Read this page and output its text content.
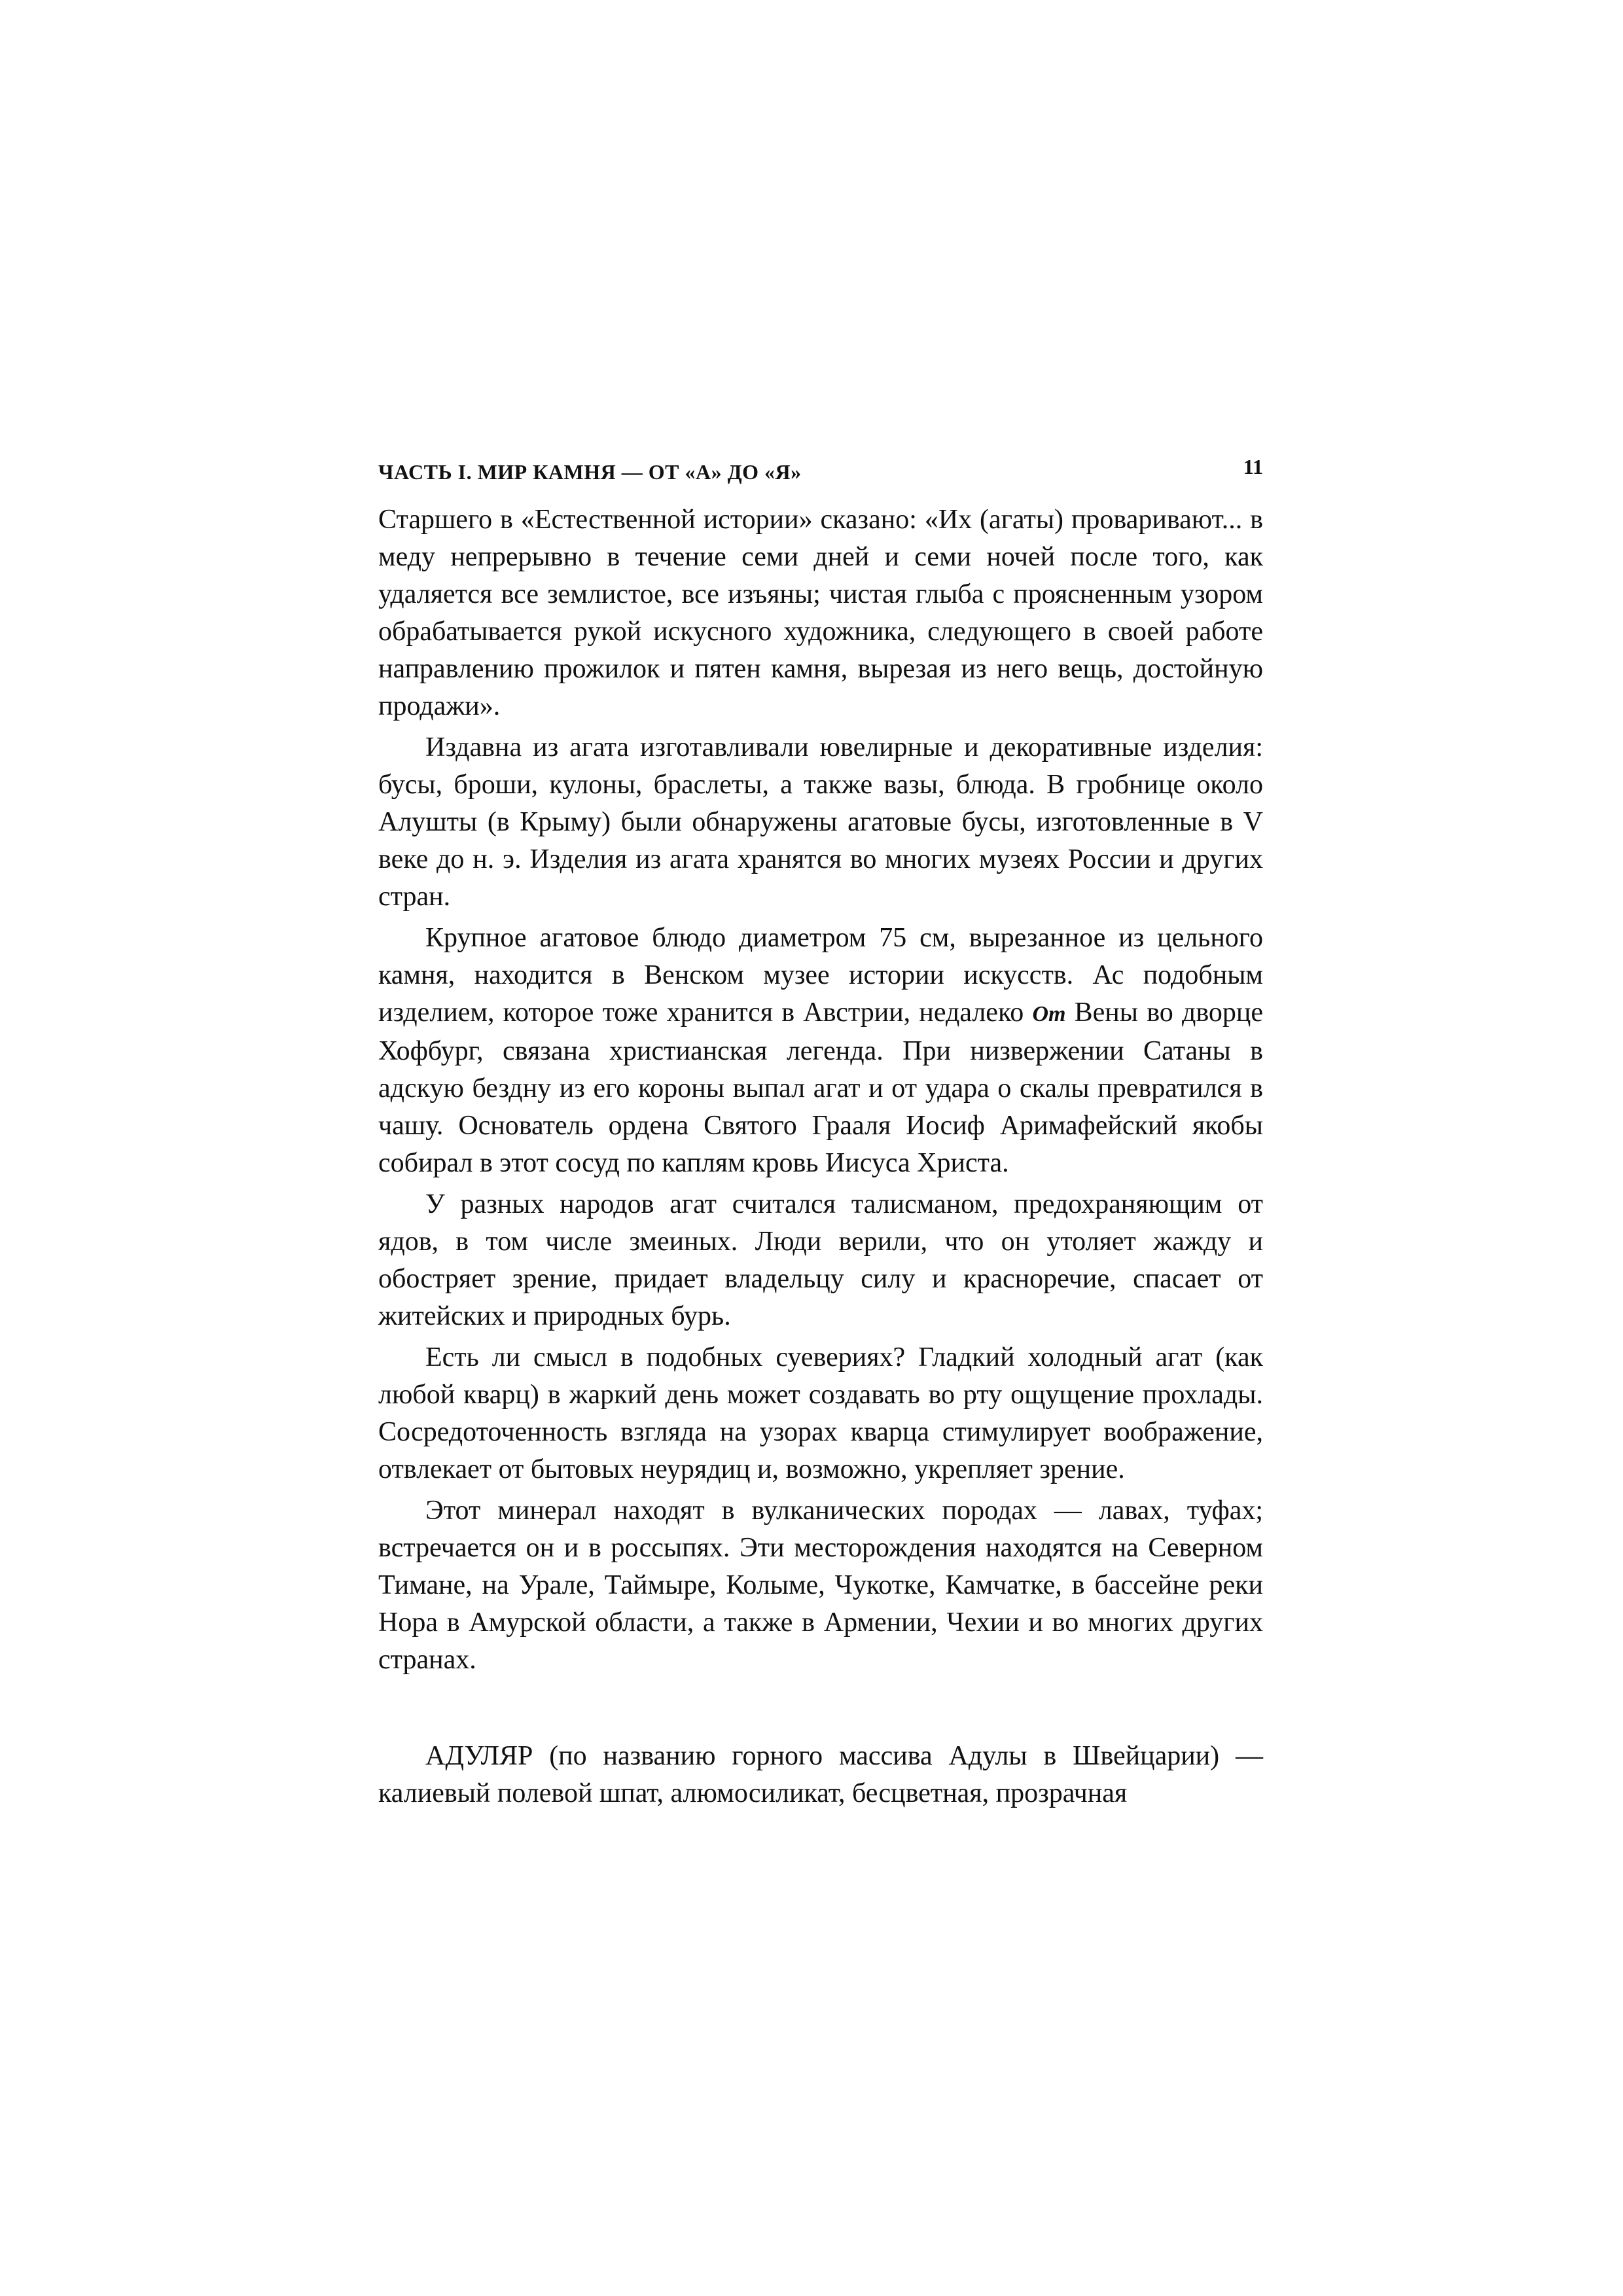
ЧАСТЬ I. МИР КАМНЯ — ОТ «А» ДО «Я»	11

Старшего в «Естественной истории» сказано: «Их (агаты) проваривают... в меду непрерывно в течение семи дней и семи ночей после того, как удаляется все землистое, все изъяны; чистая глыба с проясненным узором обрабатывается рукой искусного художника, следующего в своей работе направлению прожилок и пятен камня, вырезая из него вещь, достойную продажи».

Издавна из агата изготавливали ювелирные и декоративные изделия: бусы, броши, кулоны, браслеты, а также вазы, блюда. В гробнице около Алушты (в Крыму) были обнаружены агатовые бусы, изготовленные в V веке до н. э. Изделия из агата хранятся во многих музеях России и других стран.

Крупное агатовое блюдо диаметром 75 см, вырезанное из цельного камня, находится в Венском музее истории искусств. Ас подобным изделием, которое тоже хранится в Австрии, недалеко От Вены во дворце Хофбург, связана христианская легенда. При низвержении Сатаны в адскую бездну из его короны выпал агат и от удара о скалы превратился в чашу. Основатель ордена Святого Грааля Иосиф Аримафейский якобы собирал в этот сосуд по каплям кровь Иисуса Христа.

У разных народов агат считался талисманом, предохраняющим от ядов, в том числе змеиных. Люди верили, что он утоляет жажду и обостряет зрение, придает владельцу силу и красноречие, спасает от житейских и природных бурь.

Есть ли смысл в подобных суевериях? Гладкий холодный агат (как любой кварц) в жаркий день может создавать во рту ощущение прохлады. Сосредоточенность взгляда на узорах кварца стимулирует воображение, отвлекает от бытовых неурядиц и, возможно, укрепляет зрение.

Этот минерал находят в вулканических породах — лавах, туфах; встречается он и в россыпях. Эти месторождения находятся на Северном Тимане, на Урале, Таймыре, Колыме, Чукотке, Камчатке, в бассейне реки Нора в Амурской области, а также в Армении, Чехии и во многих других странах.

АДУЛЯР (по названию горного массива Адулы в Швейцарии) — калиевый полевой шпат, алюмосиликат, бесцветная, прозрачная
